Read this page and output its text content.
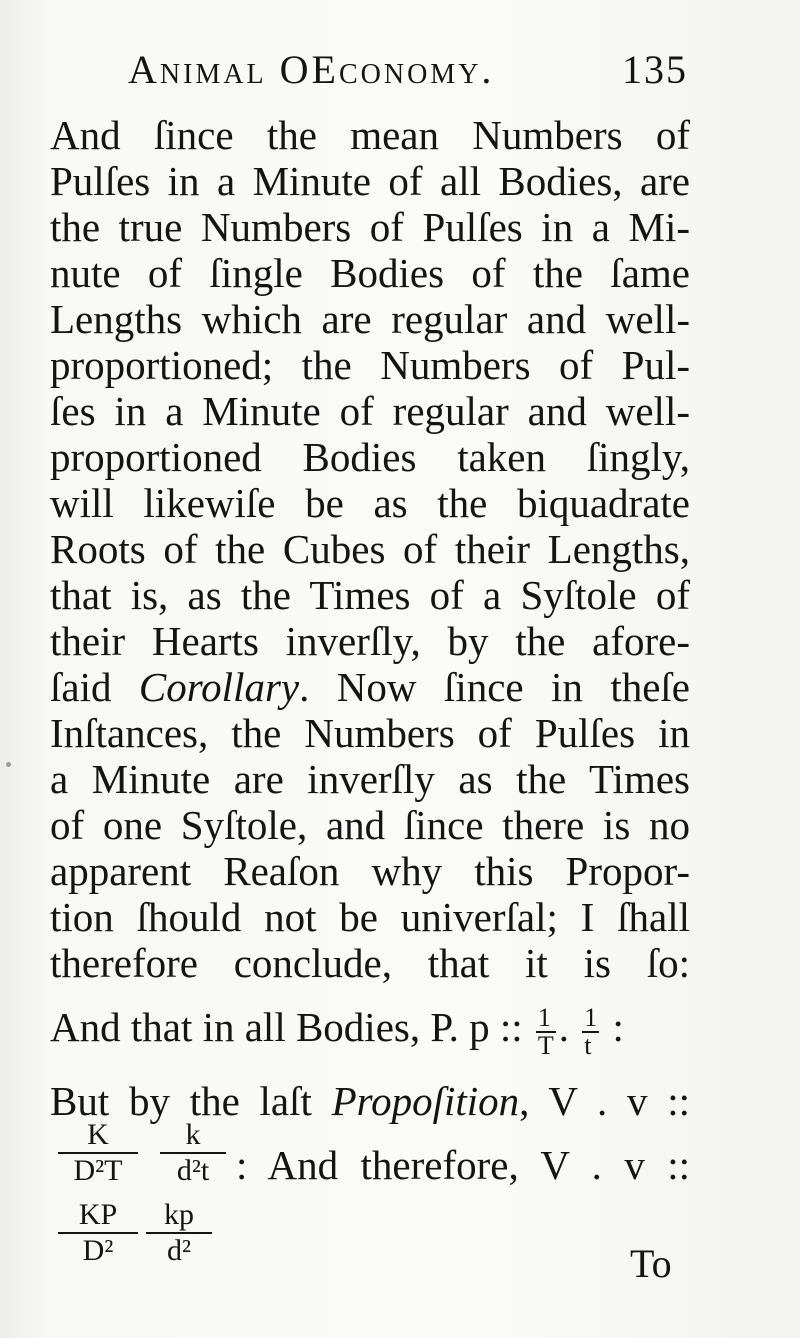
Animal OEconomy.	135
And ſince the mean Numbers of
Pulſes in a Minute of all Bodies, are
the true Numbers of Pulſes in a Mi-
nute of ſingle Bodies of the ſame
Lengths which are regular and well-
proportioned; the Numbers of Pul-
ſes in a Minute of regular and well-
proportioned Bodies taken ſingly,
will likewiſe be as the biquadrate
Roots of the Cubes of their Lengths,
that is, as the Times of a Syſtole of
their Hearts inverſly, by the afore-
ſaid Corollary. Now ſince in theſe
Inſtances, the Numbers of Pulſes in
a Minute are inverſly as the Times
of one Syſtole, and ſince there is no
apparent Reaſon why this Propor-
tion ſhould not be univerſal; I ſhall
therefore conclude, that it is ſo:
And that in all Bodies, P. p :: $\frac{1}{T}$ . $\frac{1}{t}$ :
But by the laſt Propoſition, V . v ::
$\frac{K}{\text{D²T}} \frac{k}{\text{d²t}}$ : And therefore, V . v ::
$\frac{KP}{\text{D²}} \frac{kp}{\text{d²}}$	To
